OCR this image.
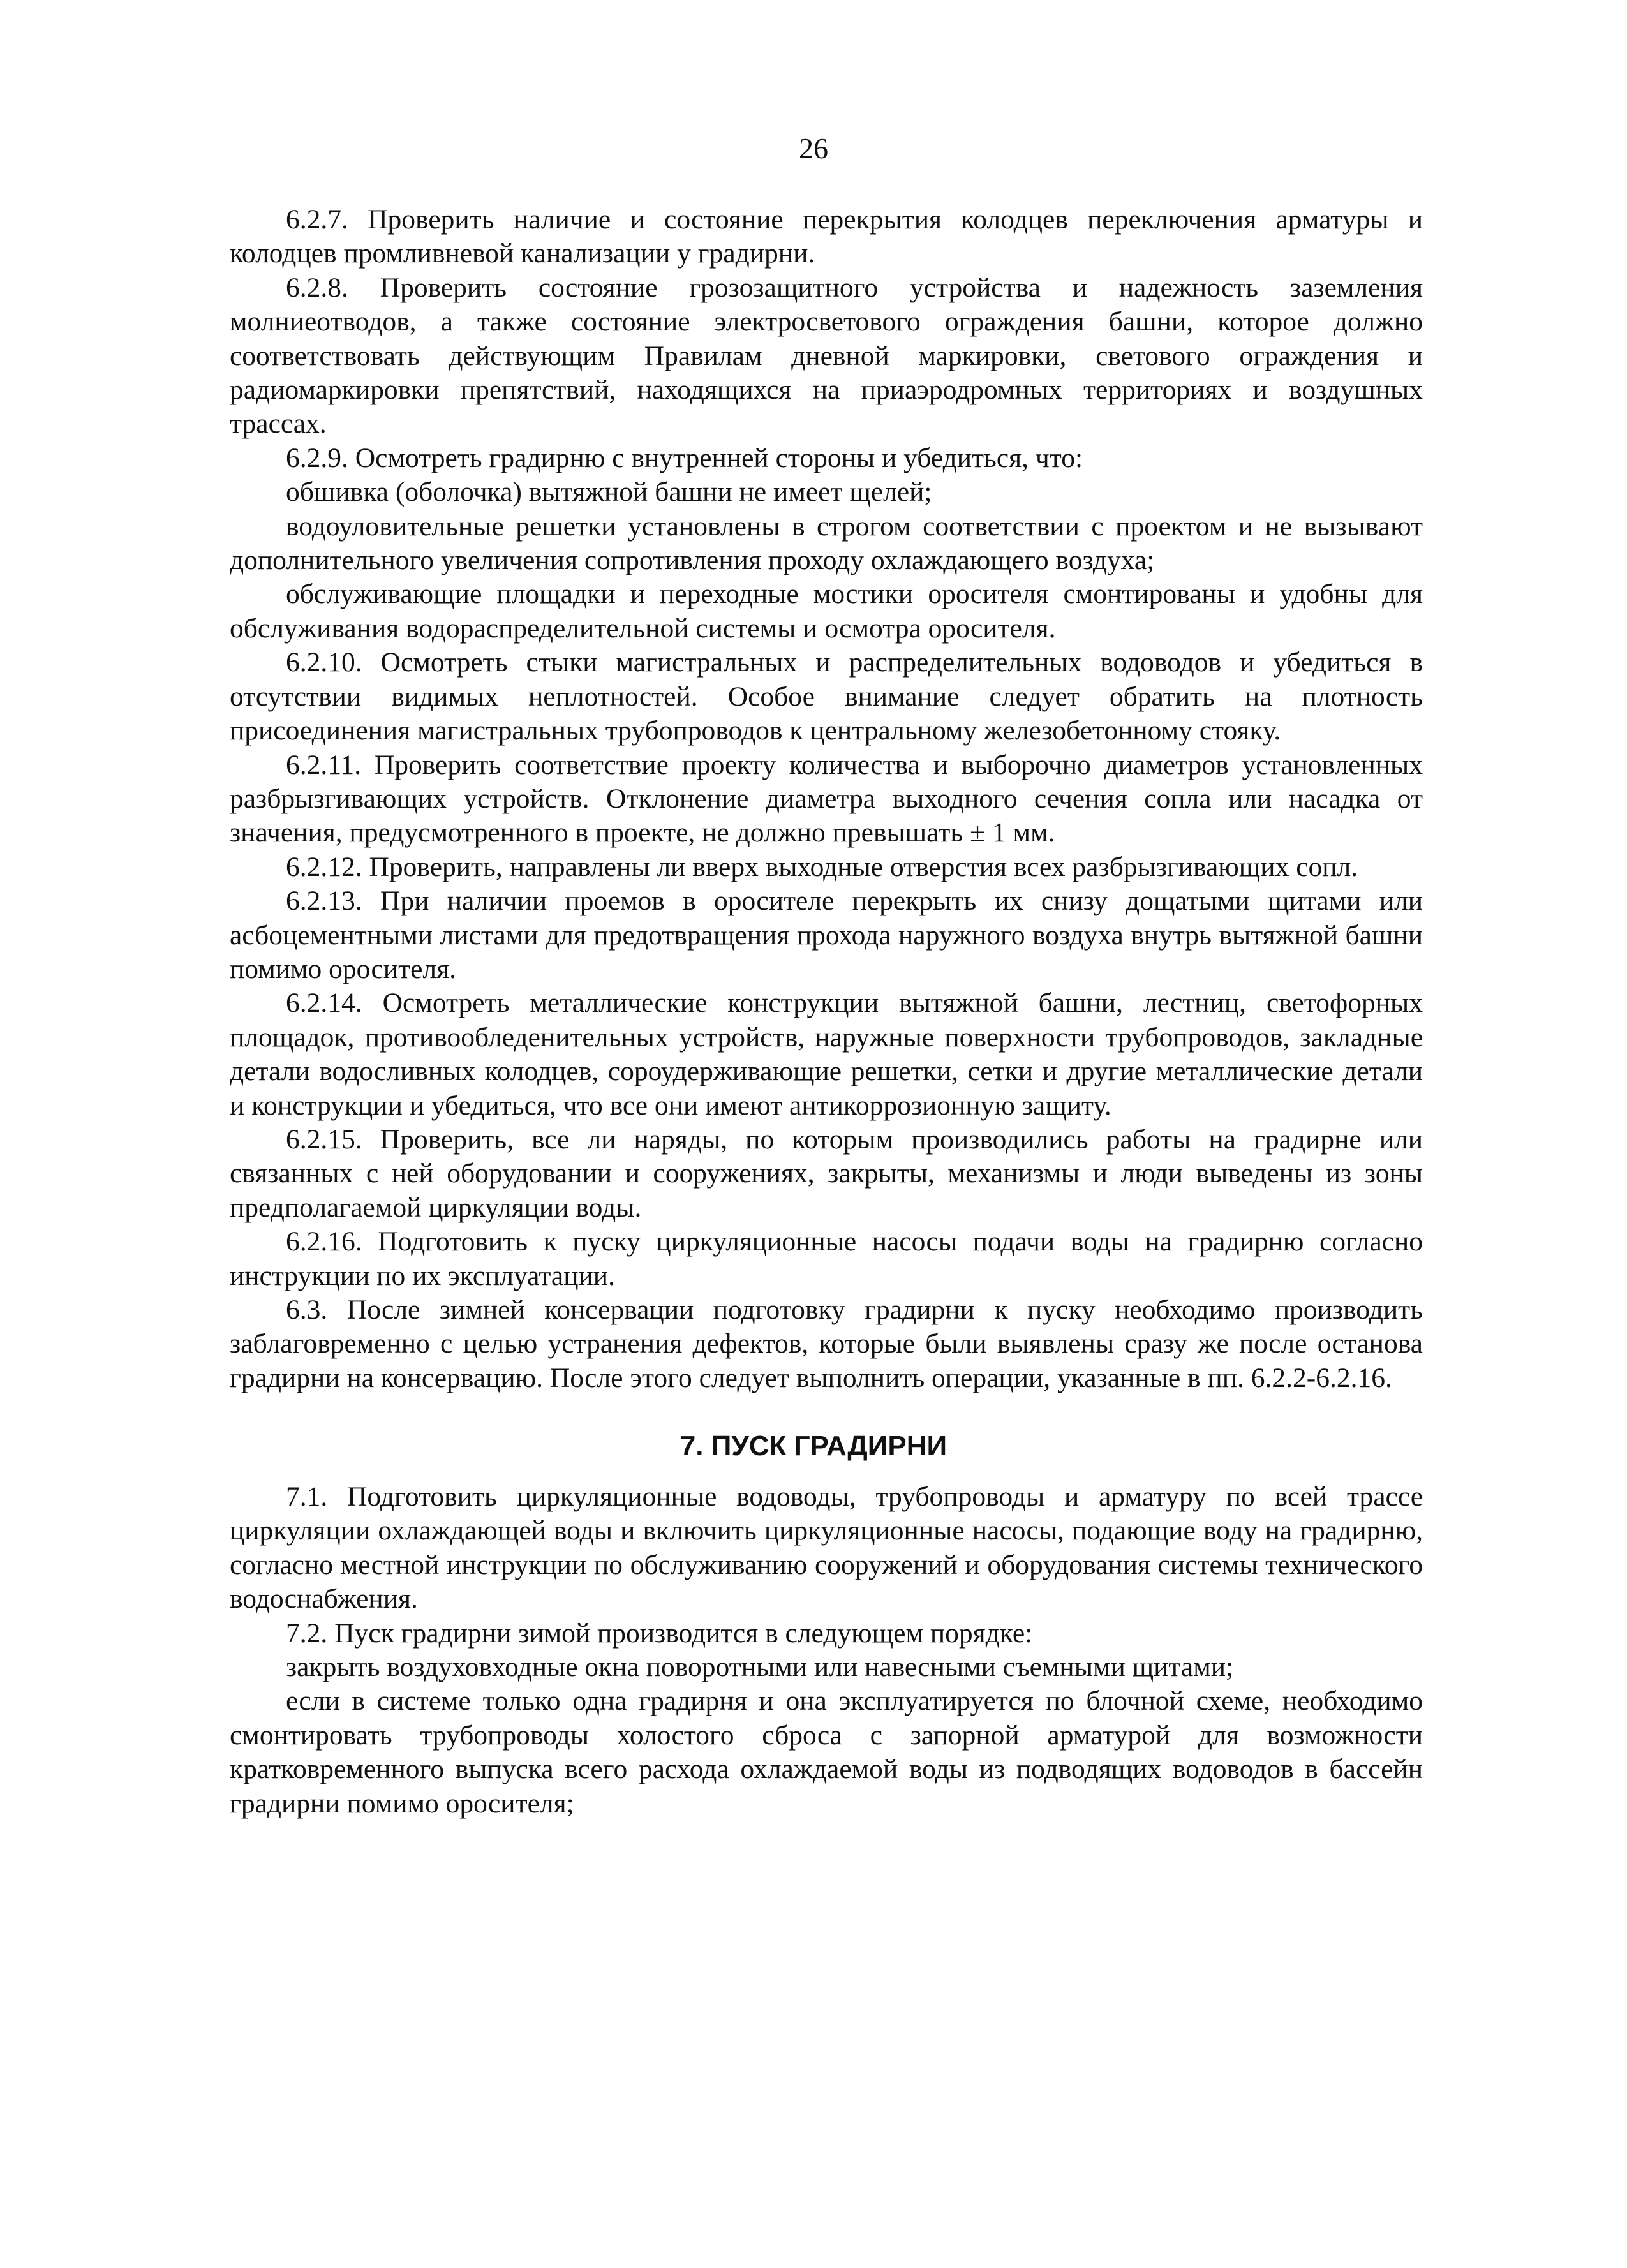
26

6.2.7. Проверить наличие и состояние перекрытия колодцев переключения арматуры и колодцев промливневой канализации у градирни.

6.2.8. Проверить состояние грозозащитного устройства и надежность заземления молниеотводов, а также состояние электросветового ограждения башни, которое должно соответствовать действующим Правилам дневной маркировки, светового ограждения и радиомаркировки препятствий, находящихся на приаэродромных территориях и воздушных трассах.

6.2.9. Осмотреть градирню с внутренней стороны и убедиться, что:

обшивка (оболочка) вытяжной башни не имеет щелей;

водоуловительные решетки установлены в строгом соответствии с проектом и не вызывают дополнительного увеличения сопротивления проходу охлаждающего воздуха;

обслуживающие площадки и переходные мостики оросителя смонтированы и удобны для обслуживания водораспределительной системы и осмотра оросителя.

6.2.10. Осмотреть стыки магистральных и распределительных водоводов и убедиться в отсутствии видимых неплотностей. Особое внимание следует обратить на плотность присоединения магистральных трубопроводов к центральному железобетонному стояку.

6.2.11. Проверить соответствие проекту количества и выборочно диаметров установленных разбрызгивающих устройств. Отклонение диаметра выходного сечения сопла или насадка от значения, предусмотренного в проекте, не должно превышать ± 1 мм.

6.2.12. Проверить, направлены ли вверх выходные отверстия всех разбрызгивающих сопл.

6.2.13. При наличии проемов в оросителе перекрыть их снизу дощатыми щитами или асбоцементными листами для предотвращения прохода наружного воздуха внутрь вытяжной башни помимо оросителя.

6.2.14. Осмотреть металлические конструкции вытяжной башни, лестниц, светофорных площадок, противообледенительных устройств, наружные поверхности трубопроводов, закладные детали водосливных колодцев, сороудерживающие решетки, сетки и другие металлические детали и конструкции и убедиться, что все они имеют антикоррозионную защиту.

6.2.15. Проверить, все ли наряды, по которым производились работы на градирне или связанных с ней оборудовании и сооружениях, закрыты, механизмы и люди выведены из зоны предполагаемой циркуляции воды.

6.2.16. Подготовить к пуску циркуляционные насосы подачи воды на градирню согласно инструкции по их эксплуатации.

6.3. После зимней консервации подготовку градирни к пуску необходимо производить заблаговременно с целью устранения дефектов, которые были выявлены сразу же после останова градирни на консервацию. После этого следует выполнить операции, указанные в пп. 6.2.2-6.2.16.

7. ПУСК ГРАДИРНИ

7.1. Подготовить циркуляционные водоводы, трубопроводы и арматуру по всей трассе циркуляции охлаждающей воды и включить циркуляционные насосы, подающие воду на градирню, согласно местной инструкции по обслуживанию сооружений и оборудования системы технического водоснабжения.

7.2. Пуск градирни зимой производится в следующем порядке:

закрыть воздуховходные окна поворотными или навесными съемными щитами;

если в системе только одна градирня и она эксплуатируется по блочной схеме, необходимо смонтировать трубопроводы холостого сброса с запорной арматурой для возможности кратковременного выпуска всего расхода охлаждаемой воды из подводящих водоводов в бассейн градирни помимо оросителя;
